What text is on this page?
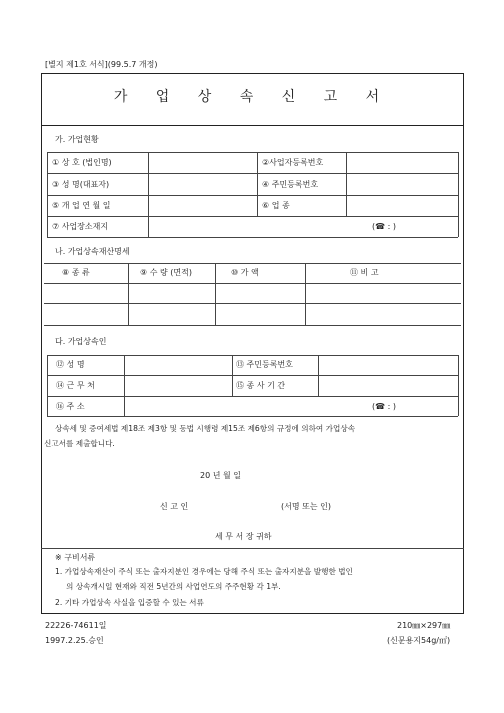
[별지 제1호 서식](99.5.7 개정)
가 업 상 속 신 고 서
가. 가업현황
① 상 호 (법인명)	②사업자등록번호
③ 성 명(대표자)	④ 주민등록번호
⑤ 개 업 연 월 일	⑥ 업 종
⑦ 사업장소재지	(☎ : )
나. 가업상속재산명세
⑧ 종 류	⑨ 수 량 (면적)	⑩ 가 액	⑪ 비 고
다. 가업상속인
⑫ 성 명	⑬ 주민등록번호
⑭ 근 무 처	⑮ 종 사 기 간
⑯ 주 소	(☎ : )
상속세 및 증여세법 제18조 제3항 및 동법 시행령 제15조 제6항의 규정에 의하여 가업상속
신고서를 제출합니다.
20 년 월 일
신 고 인	(서명 또는 인)
세 무 서 장 귀하
※ 구비서류
1. 가업상속재산이 주식 또는 출자지분인 경우에는 당해 주식 또는 출자지분을 발행한 법인
의 상속개시일 현재와 직전 5년간의 사업연도의 주주현황 각 1부.
2. 기타 가업상속 사실을 입증할 수 있는 서류
22226-74611일
1997.2.25.승인
210㎜×297㎜
(신문용지54g/㎡)
